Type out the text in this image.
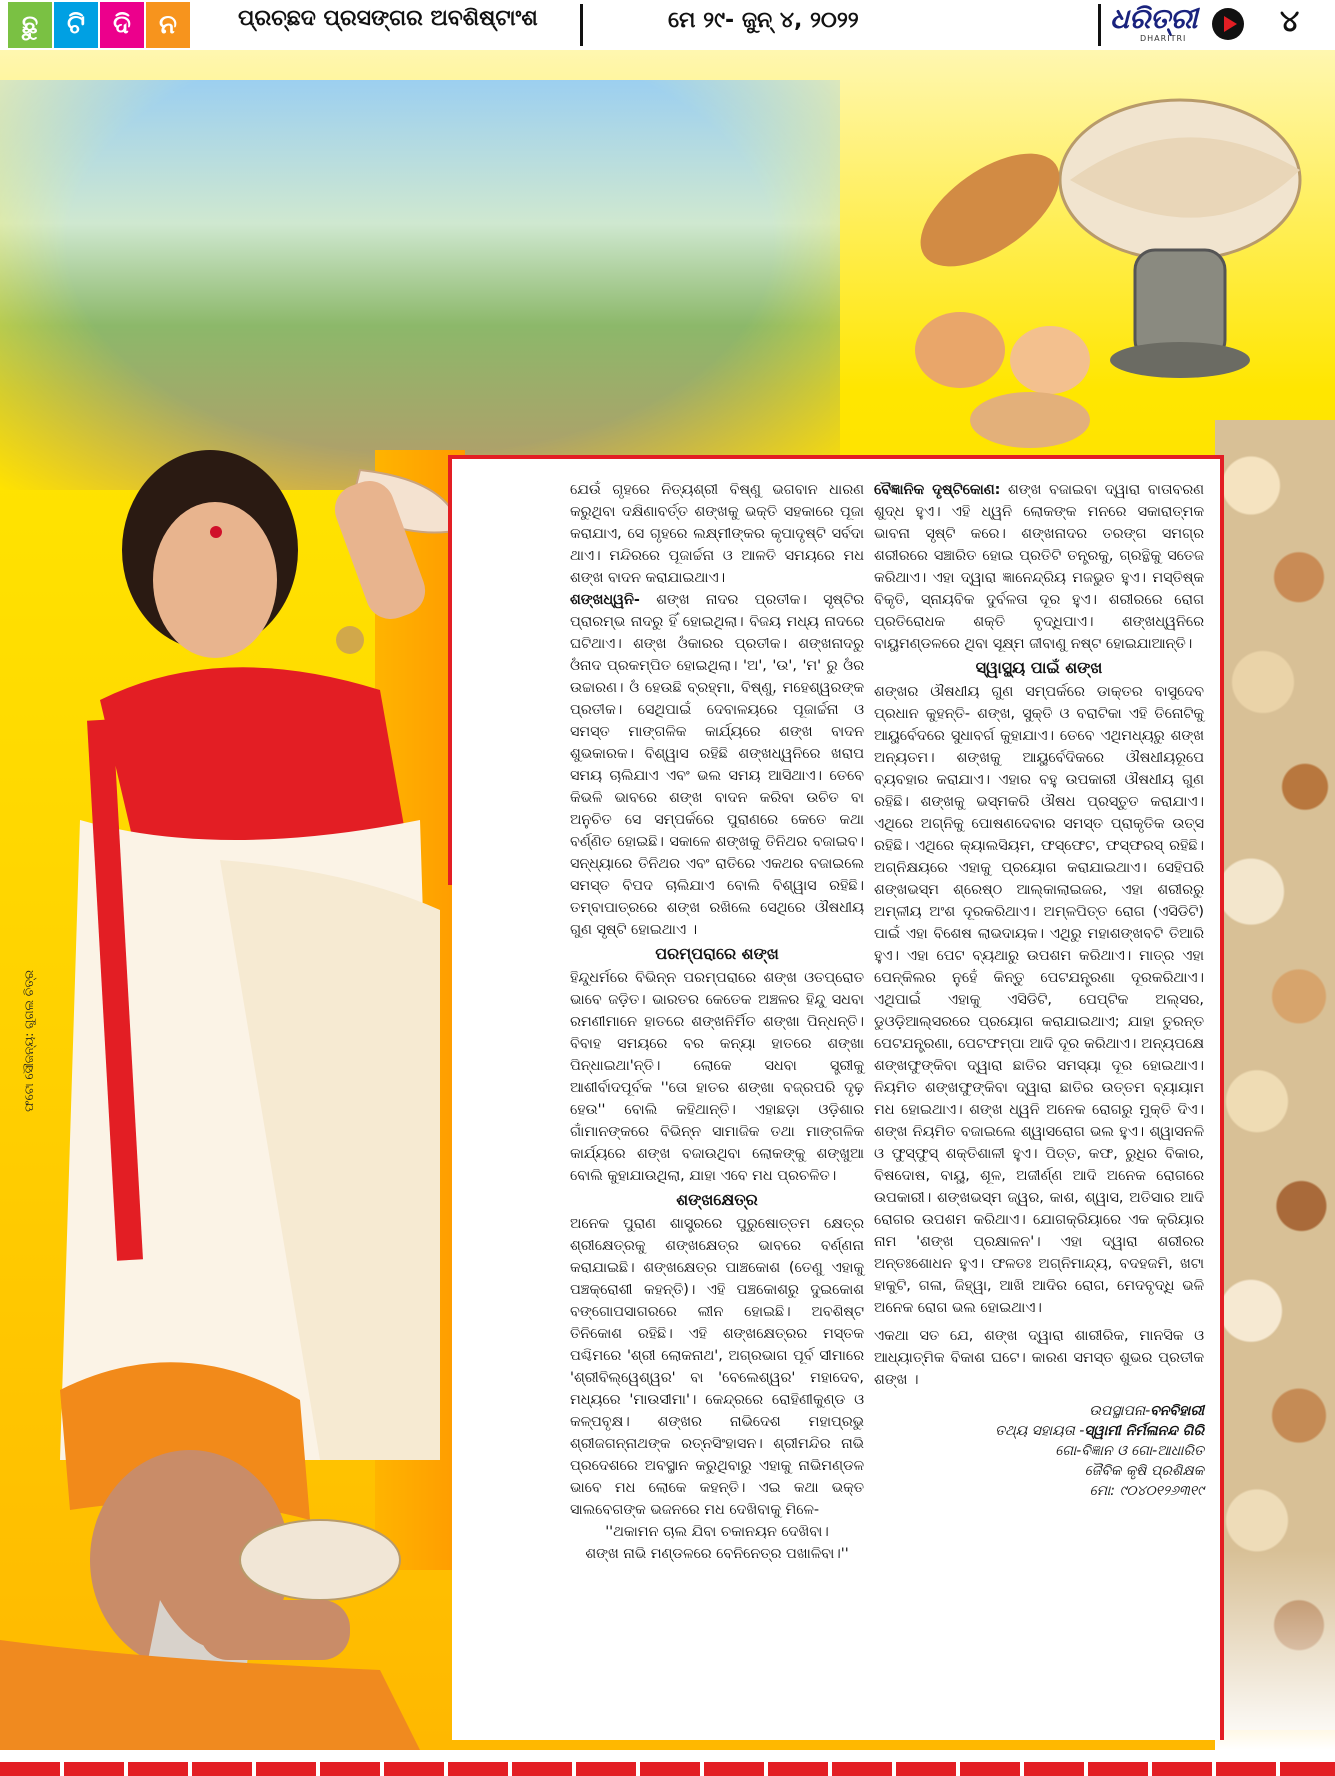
ଛୁ	ଟି	ଦି	ନ	ପ୍ରଚ୍ଛଦ ପ୍ରସଙ୍ଗର ଅବଶିଷ୍ଟାଂଶ	ମେ ୨୯- ଜୁନ୍ ୪, ୨୦୨୨	ଧରିତ୍ରୀ
DHARITRI	୪
ଫଟୋ ସୌଜନ୍ୟ: ଗୁଗଲ ଚିତ୍ର

ଯେଉଁ ଗୃହରେ ନିତ୍ୟଶ୍ରୀ ବିଷ୍ଣୁ ଭଗବାନ ଧାରଣ କରୁଥିବା ଦକ୍ଷିଣାବର୍ତ୍ତ ଶଙ୍ଖକୁ ଭକ୍ତି ସହକାରେ ପୂଜା କରାଯାଏ, ସେ ଗୃହରେ ଲକ୍ଷ୍ମୀଙ୍କର କୃପାଦୃଷ୍ଟି ସର୍ବଦା ଥାଏ। ମନ୍ଦିରରେ ପୂଜାର୍ଚ୍ଚନା ଓ ଆଳତି ସମୟରେ ମଧ ଶଙ୍ଖ ବାଦନ କରାଯାଇଥାଏ।

ଶଙ୍ଖଧ୍ୱନି- ଶଙ୍ଖ ନାଦର ପ୍ରତୀକ। ସୃଷ୍ଟିର ପ୍ରାରମ୍ଭ ନାଦରୁ ହିଁ ହୋଇଥିଲା। ବିଜୟ ମଧ୍ୟ ନାଦରେ ଘଟିଥାଏ। ଶଙ୍ଖ ଓଁକାରର ପ୍ରତୀକ। ଶଙ୍ଖନାଦରୁ ଓଁନାଦ ପ୍ରକମ୍ପିତ ହୋଇଥିଲା। 'ଅ', 'ଉ', 'ମ' ରୁ ଓଁର ଉଚ୍ଚାରଣ। ଓଁ ହେଉଛି ବ୍ରହ୍ମା, ବିଷ୍ଣୁ, ମହେଶ୍ୱରଙ୍କ ପ୍ରତୀକ। ସେଥିପାଇଁ ଦେବାଳୟରେ ପୂଜାର୍ଚ୍ଚନା ଓ ସମସ୍ତ ମାଙ୍ଗଳିକ କାର୍ଯ୍ୟରେ ଶଙ୍ଖ ବାଦନ ଶୁଭକାରକ। ବିଶ୍ୱାସ ରହିଛି ଶଙ୍ଖଧ୍ୱନିରେ ଖରାପ ସମୟ ଚାଲିଯାଏ ଏବଂ ଭଲ ସମୟ ଆସିଥାଏ। ତେବେ କିଭଳି ଭାବରେ ଶଙ୍ଖ ବାଦନ କରିବା ଉଚିତ ବା ଅନୁଚିତ ସେ ସମ୍ପର୍କରେ ପୁରାଣରେ କେତେ କଥା ବର୍ଣ୍ଣିତ ହୋଇଛି। ସକାଳେ ଶଙ୍ଖକୁ ତିନିଥର ବଜାଇବ। ସନ୍ଧ୍ୟାରେ ତିନିଥର ଏବଂ ରାତିରେ ଏକଥର ବଜାଇଲେ ସମସ୍ତ ବିପଦ ଚାଲିଯାଏ ବୋଲି ବିଶ୍ୱାସ ରହିଛି। ତମ୍ବାପାତ୍ରରେ ଶଙ୍ଖ ରଖିଲେ ସେଥିରେ ଔଷଧୀୟ ଗୁଣ ସୃଷ୍ଟି ହୋଇଥାଏ ।

ପରମ୍ପରାରେ ଶଙ୍ଖ

ହିନ୍ଦୁଧର୍ମରେ ବିଭିନ୍ନ ପରମ୍ପରାରେ ଶଙ୍ଖ ଓତପ୍ରୋତ ଭାବେ ଜଡ଼ିତ। ଭାରତର କେତେକ ଅଞ୍ଚଳର ହିନ୍ଦୁ ସଧବା ରମଣୀମାନେ ହାତରେ ଶଙ୍ଖନିର୍ମିତ ଶଙ୍ଖା ପିନ୍ଧନ୍ତି। ବିବାହ ସମୟରେ ବର କନ୍ୟା ହାତରେ ଶଙ୍ଖା ପିନ୍ଧାଇଥା'ନ୍ତି। ଲୋକେ ସଧବା ସ୍ତ୍ରୀକୁ ଆଶୀର୍ବାଦପୂର୍ବକ ''ତୋ ହାତର ଶଙ୍ଖା ବଜ୍ରପରି ଦୃଢ଼ ହେଉ'' ବୋଲି କହିଥାନ୍ତି। ଏହାଛଡ଼ା ଓଡ଼ିଶାର ଗାଁମାନଙ୍କରେ ବିଭିନ୍ନ ସାମାଜିକ ତଥା ମାଙ୍ଗଳିକ କାର୍ଯ୍ୟରେ ଶଙ୍ଖ ବଜାଉଥିବା ଲୋକଙ୍କୁ ଶଙ୍ଖୁଆ ବୋଲି କୁହାଯାଉଥିଲା, ଯାହା ଏବେ ମଧ ପ୍ରଚଳିତ।

ଶଙ୍ଖକ୍ଷେତ୍ର

ଅନେକ ପୁରାଣ ଶାସ୍ତ୍ରରେ ପୁରୁଷୋତ୍ତମ କ୍ଷେତ୍ର ଶ୍ରୀକ୍ଷେତ୍ରକୁ ଶଙ୍ଖକ୍ଷେତ୍ର ଭାବରେ ବର୍ଣ୍ଣନା କରାଯାଇଛି। ଶଙ୍ଖକ୍ଷେତ୍ର ପାଞ୍ଚକୋଶ (ତେଣୁ ଏହାକୁ ପଞ୍ଚକ୍ରୋଶୀ କହନ୍ତି)। ଏହି ପଞ୍ଚକୋଶରୁ ଦୁଇକୋଶ ବଙ୍ଗୋପସାଗରରେ ଲୀନ ହୋଇଛି। ଅବଶିଷ୍ଟ ତିନିକୋଶ ରହିଛି। ଏହି ଶଙ୍ଖକ୍ଷେତ୍ରର ମସ୍ତକ ପଶ୍ଚିମରେ 'ଶ୍ରୀ ଲୋକନାଥ', ଅଗ୍ରଭାଗ ପୂର୍ବ ସୀମାରେ 'ଶ୍ରୀବିଲ୍ୱେଶ୍ୱର' ବା 'ବେଲେଶ୍ୱର' ମହାଦେବ, ମଧ୍ୟରେ 'ମାଉସୀମା'। କେନ୍ଦ୍ରରେ ରୋହିଣୀକୁଣ୍ଡ ଓ କଳ୍ପବୃକ୍ଷ। ଶଙ୍ଖର ନାଭିଦେଶ ମହାପ୍ରଭୁ ଶ୍ରୀଜଗନ୍ନାଥଙ୍କ ରତ୍ନସିଂହାସନ। ଶ୍ରୀମନ୍ଦିର ନାଭି ପ୍ରଦେଶରେ ଅବସ୍ଥାନ କରୁଥିବାରୁ ଏହାକୁ ନାଭିମଣ୍ଡଳ ଭାବେ ମଧ ଲୋକେ କହନ୍ତି। ଏଇ କଥା ଭକ୍ତ ସାଲବେଗଙ୍କ ଭଜନରେ ମଧ ଦେଖିବାକୁ ମିଳେ-

''ଥକାମନ ଚାଲ ଯିବା ଚକାନୟନ ଦେଖିବା।
ଶଙ୍ଖ ନାଭି ମଣ୍ଡଳରେ ବେନିନେତ୍ର ପଖାଳିବା।''

ବୈଜ୍ଞାନିକ ଦୃଷ୍ଟିକୋଣ: ଶଙ୍ଖ ବଜାଇବା ଦ୍ୱାରା ବାତାବରଣ ଶୁଦ୍ଧ ହୁଏ। ଏହି ଧ୍ୱନି ଲୋକଙ୍କ ମନରେ ସକାରାତ୍ମକ ଭାବନା ସୃଷ୍ଟି କରେ। ଶଙ୍ଖନାଦର ତରଙ୍ଗ ସମଗ୍ର ଶରୀରରେ ସଞ୍ଚାରିତ ହୋଇ ପ୍ରତିଟି ତନ୍ତ୍ରକୁ, ଗ୍ରନ୍ଥିକୁ ସତେଜ କରିଥାଏ। ଏହା ଦ୍ୱାରା ଜ୍ଞାନେନ୍ଦ୍ରିୟ ମଜଭୁତ ହୁଏ। ମସ୍ତିଷ୍କ ବିକୃତି, ସ୍ନାୟବିକ ଦୁର୍ବଳତା ଦୂର ହୁଏ। ଶରୀରରେ ରୋଗ ପ୍ରତିରୋଧକ ଶକ୍ତି ବୃଦ୍ଧିପାଏ। ଶଙ୍ଖଧ୍ୱନିରେ ବାୟୁମଣ୍ଡଳରେ ଥିବା ସୂକ୍ଷ୍ମ ଜୀବାଣୁ ନଷ୍ଟ ହୋଇଯାଆନ୍ତି।

ସ୍ୱାସ୍ଥ୍ୟ ପାଇଁ ଶଙ୍ଖ

ଶଙ୍ଖର ଔଷଧୀୟ ଗୁଣ ସମ୍ପର୍କରେ ଡାକ୍ତର ବାସୁଦେବ ପ୍ରଧାନ କୁହନ୍ତି- ଶଙ୍ଖ, ସୁକ୍ତି ଓ ବରାଟିକା ଏହି ତିନୋଟିକୁ ଆୟୁର୍ବେଦରେ ସୁଧାବର୍ଗ କୁହାଯାଏ। ତେବେ ଏଥିମଧ୍ୟରୁ ଶଙ୍ଖ ଅନ୍ୟତମ। ଶଙ୍ଖକୁ ଆୟୁର୍ବେଦିକରେ ଔଷଧୀୟରୂପେ ବ୍ୟବହାର କରାଯାଏ। ଏହାର ବହୁ ଉପକାରୀ ଔଷଧୀୟ ଗୁଣ ରହିଛି। ଶଙ୍ଖକୁ ଭସ୍ମକରି ଔଷଧ ପ୍ରସ୍ତୁତ କରାଯାଏ। ଏଥିରେ ଅଗ୍ନିକୁ ପୋଷଣଦେବାର ସମସ୍ତ ପ୍ରାକୃତିକ ଉତ୍ସ ରହିଛି। ଏଥିରେ କ୍ୟାଲସିୟମ, ଫସ୍‌ଫେଟ, ଫସ୍‌ଫରସ୍ ରହିଛି। ଅଗ୍ନିକ୍ଷୟରେ ଏହାକୁ ପ୍ରୟୋଗ କରାଯାଇଥାଏ। ସେହିପରି ଶଙ୍ଖଭସ୍ମ ଶ୍ରେଷ୍ଠ ଆଲ୍‌କାଲାଇଜର, ଏହା ଶରୀରରୁ ଅମ୍ଳୀୟ ଅଂଶ ଦୂରକରିଥାଏ। ଅମ୍ଳପିତ୍ତ ରୋଗ (ଏସିଡିଟି) ପାଇଁ ଏହା ବିଶେଷ ଲାଭଦାୟକ। ଏଥିରୁ ମହାଶଙ୍ଖବଟି ତିଆରି ହୁଏ। ଏହା ପେଟ ବ୍ୟଥାରୁ ଉପଶମ କରିଥାଏ। ମାତ୍ର ଏହା ପେନ୍‌କିଲର ନୁହେଁ କିନ୍ତୁ ପେଟଯନ୍ତ୍ରଣା ଦୂରକରିଥାଏ। ଏଥିପାଇଁ ଏହାକୁ ଏସିଡିଟି, ପେପ୍‌ଟିକ ଅଲ୍‌ସର, ଡୁଓଡ଼ିଆଲ୍‌ସରରେ ପ୍ରୟୋଗ କରାଯାଇଥାଏ; ଯାହା ତୁରନ୍ତ ପେଟଯନ୍ତ୍ରଣା, ପେଟଫମ୍ପା ଆଦି ଦୂର କରିଥାଏ। ଅନ୍ୟପକ୍ଷେ ଶଙ୍ଖଫୁଙ୍କିବା ଦ୍ୱାରା ଛାତିର ସମସ୍ୟା ଦୂର ହୋଇଥାଏ। ନିୟମିତ ଶଙ୍ଖଫୁଙ୍କିବା ଦ୍ୱାରା ଛାତିର ଉତ୍ତମ ବ୍ୟାୟାମ ମଧ ହୋଇଥାଏ। ଶଙ୍ଖ ଧ୍ୱନି ଅନେକ ରୋଗରୁ ମୁକ୍ତି ଦିଏ। ଶଙ୍ଖ ନିୟମିତ ବଜାଇଲେ ଶ୍ୱାସରୋଗ ଭଲ ହୁଏ। ଶ୍ୱାସନଳି ଓ ଫୁସ୍‌ଫୁସ୍ ଶକ୍ତିଶାଳୀ ହୁଏ। ପିତ୍ତ, କଫ, ରୁଧିର ବିକାର, ବିଷଦୋଷ, ବାୟୁ, ଶୂଳ, ଅଜୀର୍ଣ୍ଣ ଆଦି ଅନେକ ରୋଗରେ ଉପକାରୀ। ଶଙ୍ଖଭସ୍ମ ଜ୍ୱର, କାଶ, ଶ୍ୱାସ, ଅତିସାର ଆଦି ରୋଗର ଉପଶମ କରିଥାଏ। ଯୋଗକ୍ରିୟାରେ ଏକ କ୍ରିୟାର ନାମ 'ଶଙ୍ଖ ପ୍ରକ୍ଷାଳନ'। ଏହା ଦ୍ୱାରା ଶରୀରର ଅନ୍ତଃଶୋଧନ ହୁଏ। ଫଳତଃ ଅଗ୍ନିମାନ୍ଦ୍ୟ, ବଦହଜମି, ଖଟା ହାକୁଟି, ଗଳା, ଜିହ୍ୱା, ଆଖି ଆଦିର ରୋଗ, ମେଦବୃଦ୍ଧି ଭଳି ଅନେକ ରୋଗ ଭଲ ହୋଇଥାଏ।

ଏକଥା ସତ ଯେ, ଶଙ୍ଖ ଦ୍ୱାରା ଶାରୀରିକ, ମାନସିକ ଓ ଆଧ୍ୟାତ୍ମିକ ବିକାଶ ଘଟେ। କାରଣ ସମସ୍ତ ଶୁଭର ପ୍ରତୀକ ଶଙ୍ଖ ।

ଉପସ୍ଥାପନା-ବନବିହାରୀ
ତଥ୍ୟ ସହାୟତା -ସ୍ୱାମୀ ନିର୍ମଳାନନ୍ଦ ଗିରି
ଗୋ-ବିଜ୍ଞାନ ଓ ଗୋ-ଆଧାରିତ
ଜୈବିକ କୃଷି ପ୍ରଶିକ୍ଷକ
ମୋ: ୯୦୪୦୧୨୬୩୧୯
